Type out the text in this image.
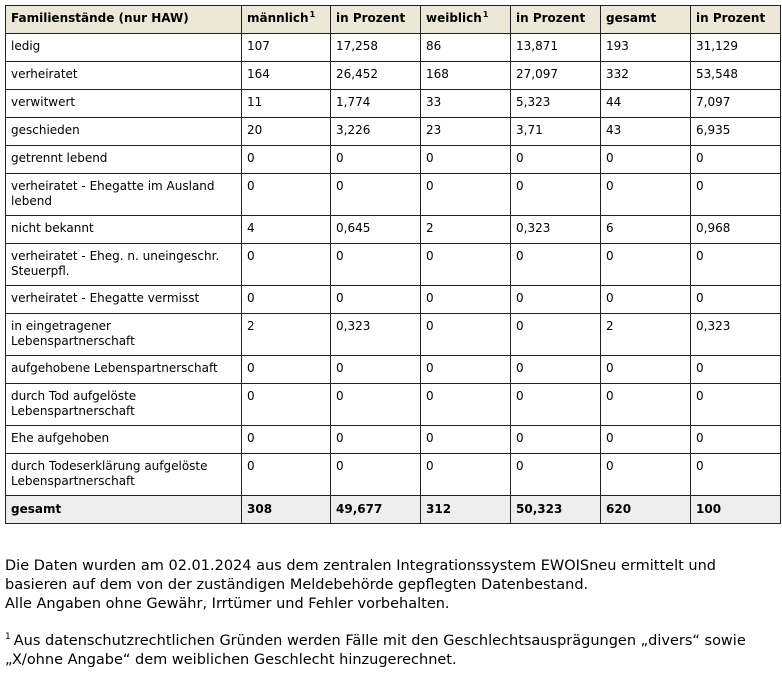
Familienstände (nur HAW)	männlich$^1$	in Prozent	weiblich$^1$	in Prozent	gesamt	in Prozent
ledig	107	17,258	86	13,871	193	31,129
verheiratet	164	26,452	168	27,097	332	53,548
verwitwert	11	1,774	33	5,323	44	7,097
geschieden	20	3,226	23	3,71	43	6,935
getrennt lebend	0	0	0	0	0	0
verheiratet - Ehegatte im Ausland lebend	0	0	0	0	0	0
nicht bekannt	4	0,645	2	0,323	6	0,968
verheiratet - Eheg. n. uneingeschr. Steuerpfl.	0	0	0	0	0	0
verheiratet - Ehegatte vermisst	0	0	0	0	0	0
in eingetragener Lebenspartnerschaft	2	0,323	0	0	2	0,323
aufgehobene Lebenspartnerschaft	0	0	0	0	0	0
durch Tod aufgelöste Lebenspartnerschaft	0	0	0	0	0	0
Ehe aufgehoben	0	0	0	0	0	0
durch Todeserklärung aufgelöste Lebenspartnerschaft	0	0	0	0	0	0
gesamt	308	49,677	312	50,323	620	100

Die Daten wurden am 02.01.2024 aus dem zentralen Integrationssystem EWOISneu ermittelt und basieren auf dem von der zuständigen Meldebehörde gepflegten Datenbestand.

Alle Angaben ohne Gewähr, Irrtümer und Fehler vorbehalten.

$^1$ Aus datenschutzrechtlichen Gründen werden Fälle mit den Geschlechtsausprägungen „divers“ sowie „X/ohne Angabe“ dem weiblichen Geschlecht hinzugerechnet.
